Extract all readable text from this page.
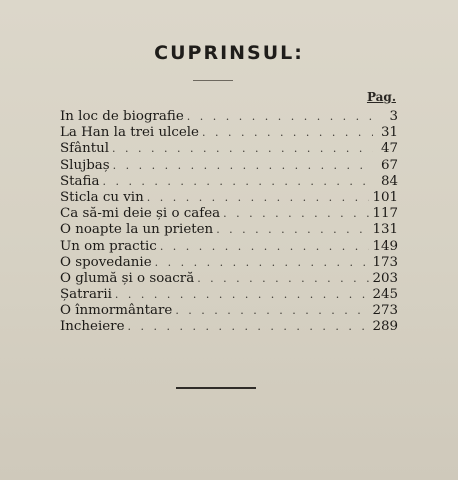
CUPRINSUL:
Pag.
In loc de biografie . . .	3
La Han la trei ulcele . . .	31
Sfântul . . .	47
Slujbaș . . .	67
Stafia . . .	84
Sticla cu vin . . .	101
Ca să-mi deie și o cafea . . .	117
O noapte la un prieten . . .	131
Un om practic . . .	149
O spovedanie . . .	173
O glumă și o soacră . . .	203
Șatrarii . . .	245
O înmormântare . . .	273
Incheiere . . .	289
